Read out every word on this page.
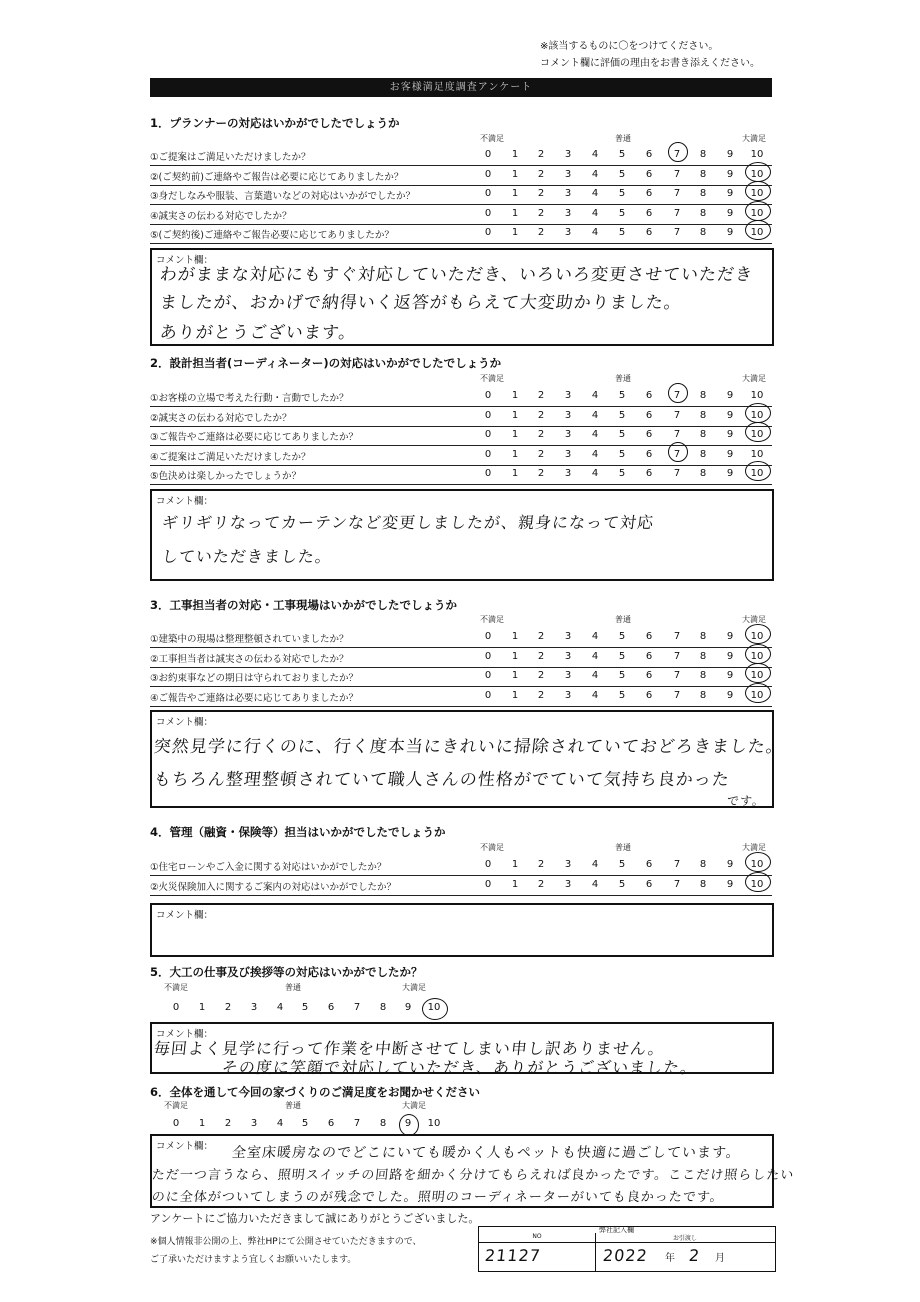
※該当するものに〇をつけてください。
コメント欄に評価の理由をお書き添えください。
お客様満足度調査アンケート
1．プランナーの対応はいかがでしたでしょうか
不満足	普通	大満足
①ご提案はご満足いただけましたか？	0	1	2	3	4	5	6	7	8	9	10
②(ご契約前)ご連絡やご報告は必要に応じてありましたか？	0	1	2	3	4	5	6	7	8	9	10
③身だしなみや服装、言葉遣いなどの対応はいかがでしたか？	0	1	2	3	4	5	6	7	8	9	10
④誠実さの伝わる対応でしたか？	0	1	2	3	4	5	6	7	8	9	10
⑤(ご契約後)ご連絡やご報告必要に応じてありましたか？	0	1	2	3	4	5	6	7	8	9	10
コメント欄：
わがままな対応にもすぐ対応していただき、いろいろ変更させていただき
ましたが、おかげで納得いく返答がもらえて大変助かりました。
ありがとうございます。
2．設計担当者(コーディネーター)の対応はいかがでしたでしょうか
不満足	普通	大満足
①お客様の立場で考えた行動・言動でしたか？	0	1	2	3	4	5	6	7	8	9	10
②誠実さの伝わる対応でしたか？	0	1	2	3	4	5	6	7	8	9	10
③ご報告やご連絡は必要に応じてありましたか？	0	1	2	3	4	5	6	7	8	9	10
④ご提案はご満足いただけましたか？	0	1	2	3	4	5	6	7	8	9	10
⑤色決めは楽しかったでしょうか？	0	1	2	3	4	5	6	7	8	9	10
コメント欄：
ギリギリなってカーテンなど変更しましたが、親身になって対応
していただきました。
3．工事担当者の対応・工事現場はいかがでしたでしょうか
不満足	普通	大満足
①建築中の現場は整理整頓されていましたか？	0	1	2	3	4	5	6	7	8	9	10
②工事担当者は誠実さの伝わる対応でしたか？	0	1	2	3	4	5	6	7	8	9	10
③お約束事などの期日は守られておりましたか？	0	1	2	3	4	5	6	7	8	9	10
④ご報告やご連絡は必要に応じてありましたか？	0	1	2	3	4	5	6	7	8	9	10
コメント欄：
突然見学に行くのに、行く度本当にきれいに掃除されていておどろきました。
もちろん整理整頓されていて職人さんの性格がでていて気持ち良かった
です。
4．管理（融資・保険等）担当はいかがでしたでしょうか
不満足	普通	大満足
①住宅ローンやご入金に関する対応はいかがでしたか？	0	1	2	3	4	5	6	7	8	9	10
②火災保険加入に関するご案内の対応はいかがでしたか？	0	1	2	3	4	5	6	7	8	9	10
コメント欄：
5．大工の仕事及び挨拶等の対応はいかがでしたか？
不満足	普通	大満足
0	1	2	3	4	5	6	7	8	9	10
コメント欄：
毎回よく見学に行って作業を中断させてしまい申し訳ありません。
その度に笑顔で対応していただき、ありがとうございました。
6．全体を通して今回の家づくりのご満足度をお聞かせください
不満足	普通	大満足
0	1	2	3	4	5	6	7	8	9	10
コメント欄： 全室床暖房なのでどこにいても暖かく人もペットも快適に過ごしています。
ただ一つ言うなら、照明スイッチの回路を細かく分けてもらえれば良かったです。ここだけ照らしたい
のに全体がついてしまうのが残念でした。照明のコーディネーターがいても良かったです。
アンケートにご協力いただきまして誠にありがとうございました。
※個人情報非公開の上、弊社HPにて公開させていただきますので、
ご了承いただけますよう宜しくお願いいたします。
弊社記入欄
NO	お引渡し
21127	2022 年 2 月
